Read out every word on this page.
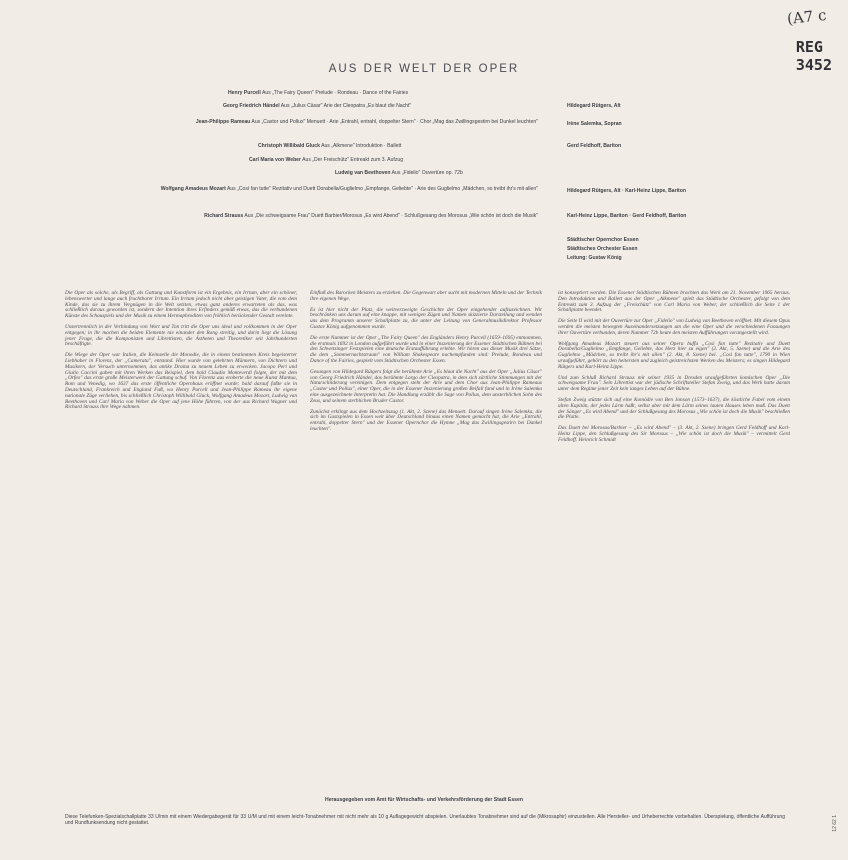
(A7 c
REG
3452
AUS DER WELT DER OPER
Henry Purcell Aus „The Fairy Queen" Prelude · Rondeau · Dance of the Fairies
Georg Friedrich Händel Aus „Julius Cäsar" Arie der Cleopatra „Es blaut die Nacht"	Hildegard Rütgers, Alt
Jean-Philippe Rameau Aus „Castor und Pollux" Menuett · Arie „Entrahl, entrahl, doppelter Stern" · Chor „Mag das Zwillingsgestirn bei Dunkel leuchten"	Irène Salemka, Sopran
Christoph Willibald Gluck Aus „Alkmene" Introduktion · Ballett	Gerd Feldhoff, Bariton
Carl Maria von Weber Aus „Der Freischütz" Entreakt zum 3. Aufzug
Ludwig van Beethoven Aus „Fidelio" Ouvertüre op. 72b
Wolfgang Amadeus Mozart Aus „Così fan tutte" Rezitativ und Duett Dorabella/Guglielmo „Empfange, Geliebte" · Arie des Guglielmo „Mädchen, so treibt ihr's mit allen"	Hildegard Rütgers, Alt · Karl-Heinz Lippe, Bariton
Richard Strauss Aus „Die schweigsame Frau" Duett Barbier/Morosus „Es wird Abend" · Schlußgesang des Morosus „Wie schön ist doch die Musik"	Karl-Heinz Lippe, Bariton · Gerd Feldhoff, Bariton
Städtischer Opernchor Essen
Städtisches Orchester Essen
Leitung: Gustav König

Die Oper als solche, als Begriff, als Gattung und Kunstform ist ein Ergebnis, ein Irrtum, aber ein schöner, lebenswerter und lange auch fruchtbarer Irrtum. Ein Irrtum jedoch nicht aber geistigen Vater, die vom dem Kinde, das sie zu ihrem Vergnügen in die Welt setzten, etwas ganz anderes erwarteten als das, was schließlich daraus geworden ist, sondern der Intention ihres Erfinders gemäß etwas, das die verbundenen Künste des Schauspiels und der Musik zu einem Hermaphroditen von fröhlich berückender Gestalt vereinte.

Unzertrennlich in der Verbindung von Wort und Ton tritt die Oper uns ideal und vollkommen in der Oper entgegen; in ihr machen die beiden Elemente nie einander den Rang streitig, und darin liegt die Lösung jener Frage, die die Komponisten und Librettisten, die Ästheten und Theoretiker seit Jahrhunderten beschäftigte.

Die Wiege der Oper war Italien, die Keimzelle die Monodie, die in einem bestimmten Kreis begeisterter Liebhaber in Florenz, der „Camerata", entstand. Hier wurde von gelehrten Männern, von Dichtern und Musikern, der Versuch unternommen, das antike Drama zu neuem Leben zu erwecken. Jacopo Peri und Giulio Caccini gaben mit ihren Werken das Beispiel, dem bald Claudio Monteverdi folgte, der mit dem „Orfeo" das erste große Meisterwerk der Gattung schuf. Von Florenz aus eroberte die neue Kunst Mantua, Rom und Venedig, wo 1637 das erste öffentliche Opernhaus eröffnet wurde; bald darauf faßte sie in Deutschland, Frankreich und England Fuß, wo Henry Purcell und Jean-Philippe Rameau ihr eigene nationale Züge verliehen, bis schließlich Christoph Willibald Gluck, Wolfgang Amadeus Mozart, Ludwig van Beethoven und Carl Maria von Weber die Oper auf jene Höhe führten, von der aus Richard Wagner und Richard Strauss ihre Wege nahmen.

Einfluß des Barocken Meisters zu erziehen. Die Gegenwart aber sucht mit modernen Mitteln und der Technik ihre eigenen Wege.

Es ist hier nicht der Platz, die weitverzweigte Geschichte der Oper eingehender aufzuzeichnen. Wir beschränken uns darum auf eine knappe, mit wenigen Zügen und Namen skizzierte Darstellung und wenden uns dem Programm unserer Schallplatte zu, die unter der Leitung von Generalmusikdirektor Professor Gustav König aufgenommen wurde.

Die erste Nummer ist der Oper „The Fairy Queen" des Engländers Henry Purcell (1659–1695) entnommen, die erstmals 1692 in London aufgeführt wurde und in einer Inszenierung der Essener Städtischen Bühnen bei den Schwetzinger Festspielen eine deutsche Erstaufführung erlebte. Wir hören aus dieser Musik drei Sätze, die dem „Sommernachtstraum" von William Shakespeare nachempfunden sind: Prelude, Rondeau und Dance of the Fairies, gespielt vom Städtischen Orchester Essen.

Gesungen von Hildegard Rütgers folgt die berühmte Arie „Es blaut die Nacht" aus der Oper „Julius Cäsar" von Georg Friedrich Händel, das berühmte Largo der Cleopatra, in dem sich zärtliche Stimmungen mit der Naturschilderung vereinigen. Dem entgegen steht der Arie und dem Chor aus Jean-Philippe Rameaus „Castor und Pollux", einer Oper, die in der Essener Inszenierung großen Beifall fand und in Irène Salemka eine ausgezeichnete Interpretin hat. Die Handlung erzählt die Sage von Pollux, dem unsterblichen Sohn des Zeus, und seinem sterblichen Bruder Castor.

Zunächst erklingt aus dem Hochzeitszug (1. Akt, 2. Szene) das Menuett. Darauf singen Irène Salemka, die sich im Gastspielen in Essen weit über Deutschland hinaus einen Namen gemacht hat, die Arie „Entrahl, entrahl, doppelter Stern" und der Essener Opernchor die Hymne „Mag das Zwillingsgestirn bei Dunkel leuchten".

ist konzeptiert worden. Die Essener Städtischen Bühnen brachten das Werk am 21. November 1965 heraus. Den Introduktion und Ballett aus der Oper „Alkmene" spielt das Städtische Orchester, gefolgt von dem Entreakt zum 3. Aufzug der „Freischütz" von Carl Maria von Weber, der schließlich die Seite 1 der Schallplatte beendet.

Die Seite II wird mit der Ouvertüre zur Oper „Fidelio" von Ludwig van Beethoven eröffnet. Mit diesem Opus werden die meisten bewegten Auseinandersetzungen um die eine Oper und die verschiedenen Fassungen ihrer Ouvertüre verbunden, deren Nummer 72b heute den meisten Aufführungen vorangestellt wird.

Wolfgang Amadeus Mozart steuert aus seiner Opera buffa „Così fan tutte" Rezitativ und Duett Dorabella/Guglielmo „Empfange, Geliebte, das Herz hier zu eigen" (2. Akt, 5. Szene) und die Arie des Guglielmo „Mädchen, so treibt ihr's mit allen" (2. Akt, 8. Szene) bei. „Così fan tutte", 1790 in Wien uraufgeführt, gehört zu den heitersten und zugleich geistreichsten Werken des Meisters; es singen Hildegard Rütgers und Karl-Heinz Lippe.

Und zum Schluß Richard Strauss mit seiner 1935 in Dresden uraufgeführten komischen Oper „Die schweigsame Frau". Sein Librettist war der jüdische Schriftsteller Stefan Zweig, und das Werk hatte darum unter dem Regime jener Zeit kein langes Leben auf der Bühne.

Stefan Zweig stützte sich auf eine Komödie von Ben Jonson (1573–1637), die köstliche Fabel vom einem alten Kapitän, der jedes Lärm haßt, selbst aber mit dem Lärm seines lauten Hauses leben muß. Das Duett der Sänger „Es wird Abend" und der Schlußgesang des Morosus „Wie schön ist doch die Musik" beschließen die Platte.

Das Duett bei Morosus/Barbier – „Es wird Abend" – (3. Akt, 2. Szene) bringen Gerd Feldhoff und Karl-Heinz Lippe, den Schlußgesang des Sir Morosus – „Wie schön ist doch die Musik" – vermittelt Gerd Feldhoff. Heinrich Schmidt

Herausgegeben vom Amt für Wirtschafts- und Verkehrsförderung der Stadt Essen
Diese Telefunken-Spezialschallplatte 33 U/min mit einem Wiedergabegerät für 33 U/M und mit einem leicht-Tonabnehmer mit nicht mehr als 10 g Auflagegewicht abspielen. Unerlaubtes Tonabnehmer sind auf die (Mikrosaphir) einzustellen. Alle Hersteller- und Urheberrechte vorbehalten. Überspielung, öffentliche Aufführung und Rundfunksendung nicht gestattet.	12 62 1
